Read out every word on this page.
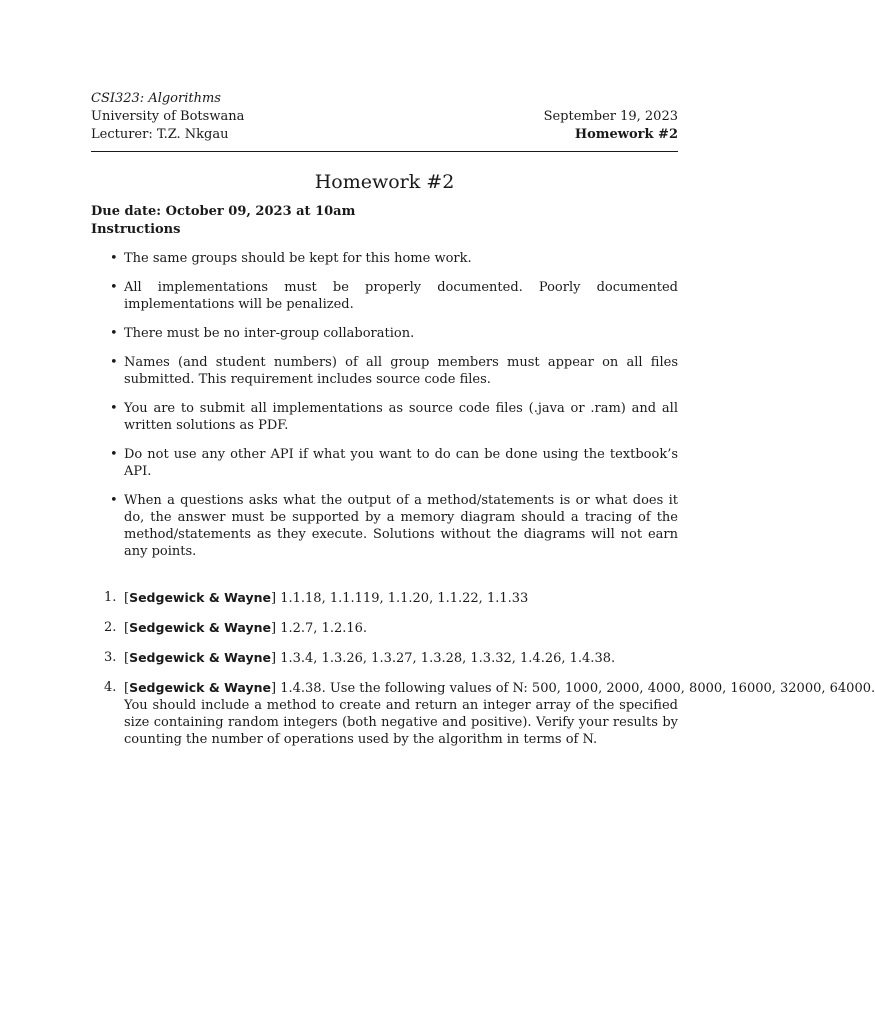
CSI323: Algorithms
University of Botswana
Lecturer: T.Z. Nkgau
September 19, 2023
Homework #2
Homework #2
Due date: October 09, 2023 at 10am
Instructions
• The same groups should be kept for this home work.
• All implementations must be properly documented. Poorly documented implementations will be penalized.
• There must be no inter-group collaboration.
• Names (and student numbers) of all group members must appear on all files submitted. This requirement includes source code files.
• You are to submit all implementations as source code files (.java or .ram) and all written solutions as PDF.
• Do not use any other API if what you want to do can be done using the textbook’s API.
• When a questions asks what the output of a method/statements is or what does it do, the answer must be supported by a memory diagram should a tracing of the method/statements as they execute. Solutions without the diagrams will not earn any points.
1. [Sedgewick & Wayne] 1.1.18, 1.1.119, 1.1.20, 1.1.22, 1.1.33
2. [Sedgewick & Wayne] 1.2.7, 1.2.16.
3. [Sedgewick & Wayne] 1.3.4, 1.3.26, 1.3.27, 1.3.28, 1.3.32, 1.4.26, 1.4.38.
4. [Sedgewick & Wayne] 1.4.38. Use the following values of N: 500, 1000, 2000, 4000, 8000, 16000, 32000, 64000.
You should include a method to create and return an integer array of the specified size containing random integers (both negative and positive). Verify your results by counting the number of operations used by the algorithm in terms of N.
